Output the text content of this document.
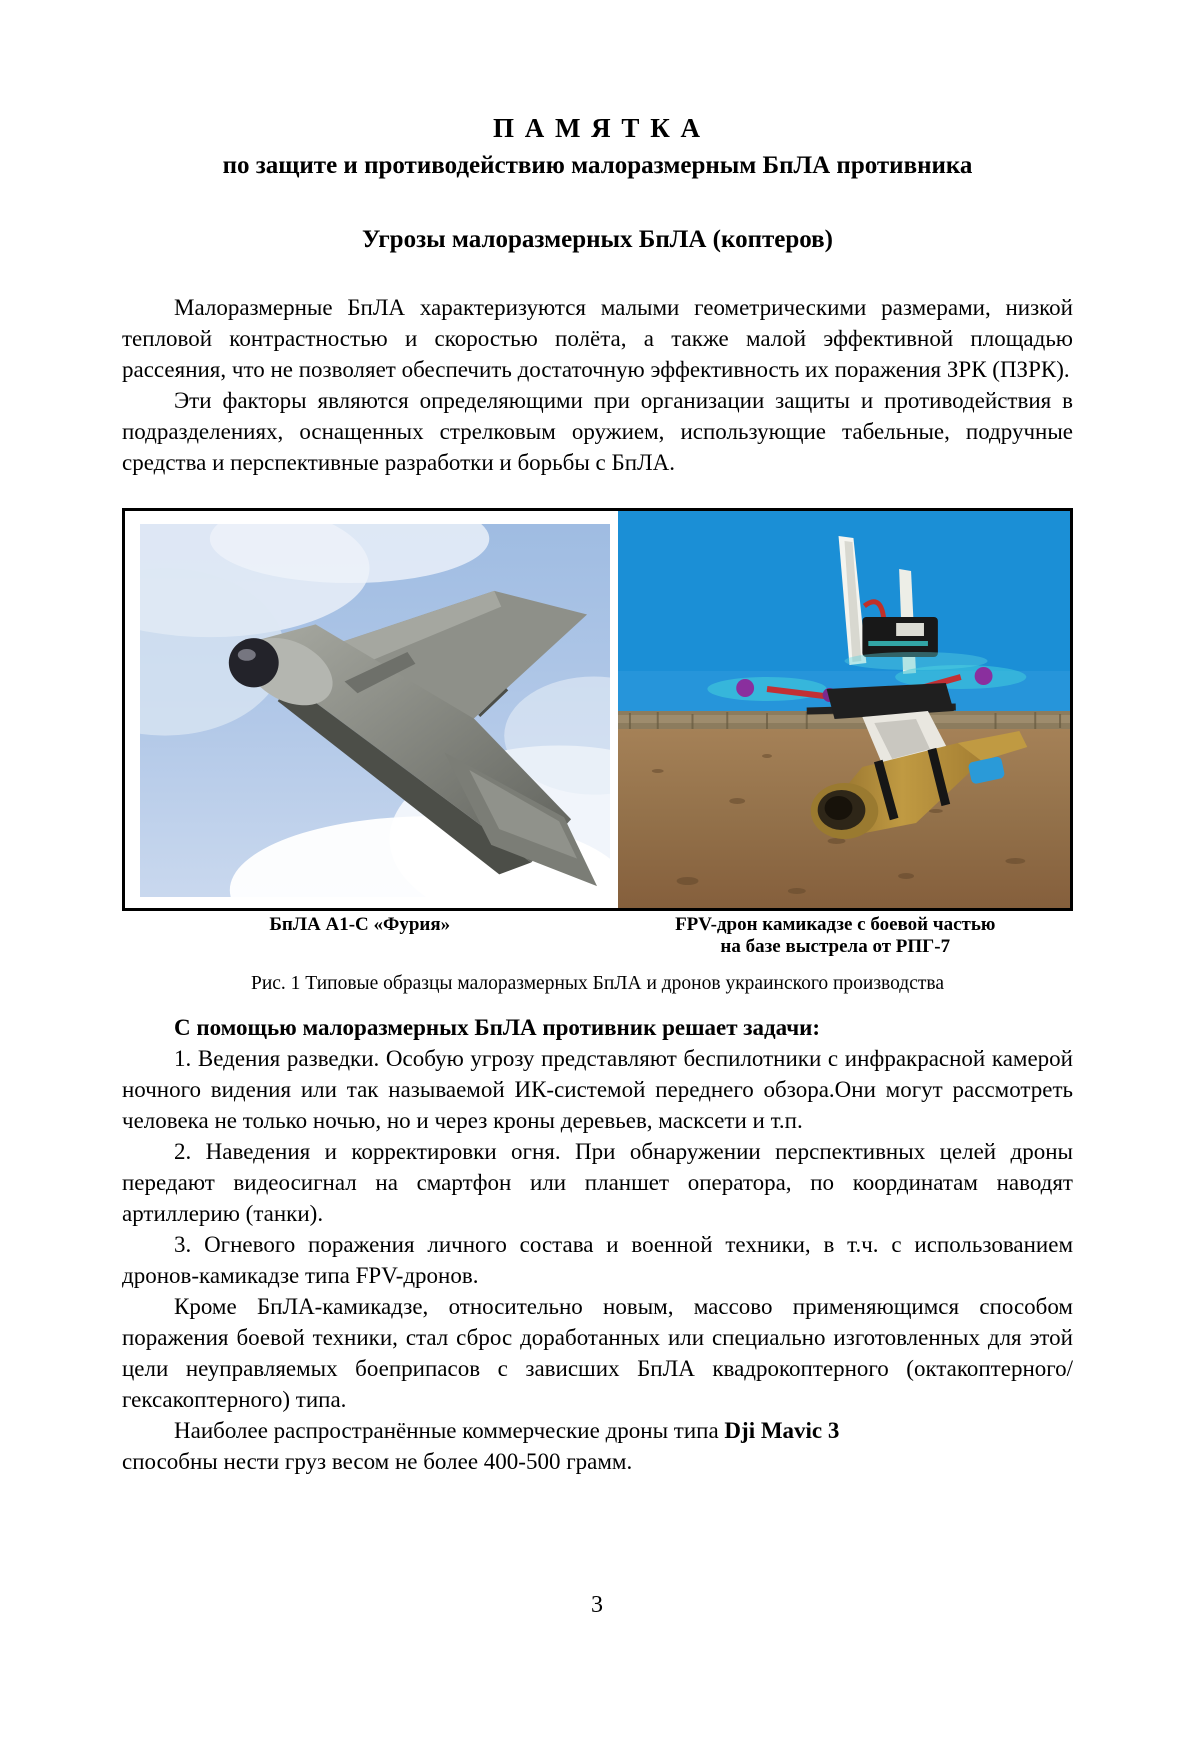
П А М Я Т К А
по защите и противодействию малоразмерным БпЛА противника
Угрозы малоразмерных БпЛА (коптеров)

Малоразмерные БпЛА характеризуются малыми геометрическими размерами, низкой тепловой контрастностью и скоростью полёта, а также малой эффективной площадью рассеяния, что не позволяет обеспечить достаточную эффективность их поражения ЗРК (ПЗРК).

Эти факторы являются определяющими при организации защиты и противодействия в подразделениях, оснащенных стрелковым оружием, использующие табельные, подручные средства и перспективные разработки и борьбы с БпЛА.

БпЛА А1-С «Фурия»	FPV-дрон камикадзе с боевой частью
на базе выстрела от РПГ-7
Рис. 1 Типовые образцы малоразмерных БпЛА и дронов украинского производства

С помощью малоразмерных БпЛА противник решает задачи:

1. Ведения разведки. Особую угрозу представляют беспилотники с инфракрасной камерой ночного видения или так называемой ИК-системой переднего обзора.Они могут рассмотреть человека не только ночью, но и через кроны деревьев, масксети и т.п.

2. Наведения и корректировки огня. При обнаружении перспективных целей дроны передают видеосигнал на смартфон или планшет оператора, по координатам наводят артиллерию (танки).

3. Огневого поражения личного состава и военной техники, в т.ч. с использованием дронов-камикадзе типа FPV-дронов.

Кроме БпЛА-камикадзе, относительно новым, массово применяющимся способом поражения боевой техники, стал сброс доработанных или специально изготовленных для этой цели неуправляемых боеприпасов с зависших БпЛА квадрокоптерного (октакоптерного/гексакоптерного) типа.

Наиболее распространённые коммерческие дроны типа Dji Mavic 3
способны нести груз весом не более 400-500 грамм.

3
